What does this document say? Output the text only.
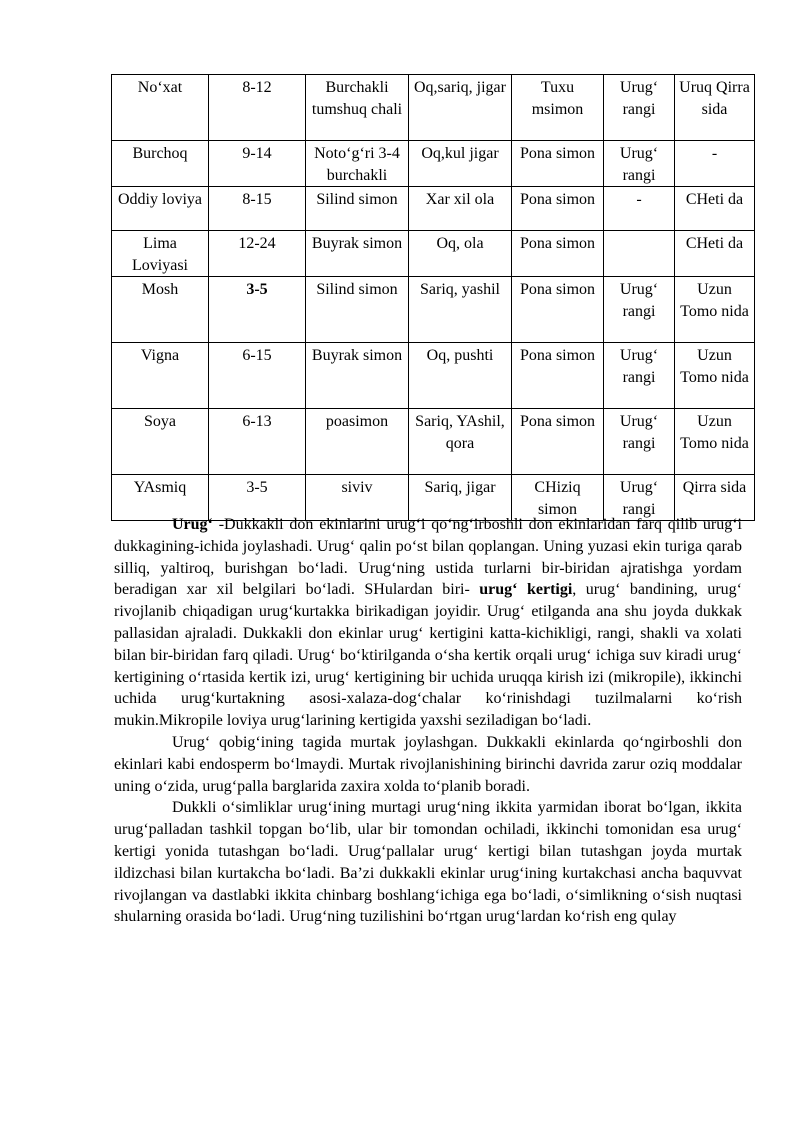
No‘xat	8-12	Burchakli tumshuq chali	Oq,sariq, jigar	Tuxu msimon	Urug‘ rangi	Uruq Qirra sida
Burchoq	9-14	Noto‘g‘ri 3-4 burchakli	Oq,kul jigar	Pona simon	Urug‘ rangi	-
Oddiy loviya	8-15	Silind simon	Xar xil ola	Pona simon	-	CHeti da
Lima Loviyasi	12-24	Buyrak simon	Oq, ola	Pona simon		CHeti da
Mosh	3-5	Silind simon	Sariq, yashil	Pona simon	Urug‘ rangi	Uzun Tomo nida
Vigna	6-15	Buyrak simon	Oq, pushti	Pona simon	Urug‘ rangi	Uzun Tomo nida
Soya	6-13	poasimon	Sariq, YAshil, qora	Pona simon	Urug‘ rangi	Uzun Tomo nida
YAsmiq	3-5	siviv	Sariq, jigar	CHiziq simon	Urug‘ rangi	Qirra sida

Urug‘ -Dukkakli don ekinlarini urug‘i qo‘ng‘irboshli don ekinlaridan farq qilib urug‘i dukkagining-ichida joylashadi. Urug‘ qalin po‘st bilan qoplangan. Uning yuzasi ekin turiga qarab silliq, yaltiroq, burishgan bo‘ladi. Urug‘ning ustida turlarni bir-biridan ajratishga yordam beradigan xar xil belgilari bo‘ladi. SHulardan biri- urug‘ kertigi, urug‘ bandining, urug‘ rivojlanib chiqadigan urug‘kurtakka birikadigan joyidir. Urug‘ etilganda ana shu joyda dukkak pallasidan ajraladi. Dukkakli don ekinlar urug‘ kertigini katta-kichikligi, rangi, shakli va xolati bilan bir-biridan farq qiladi. Urug‘ bo‘ktirilganda o‘sha kertik orqali urug‘ ichiga suv kiradi urug‘ kertigining o‘rtasida kertik izi, urug‘ kertigining bir uchida uruqqa kirish izi (mikropile), ikkinchi uchida urug‘kurtakning asosi-xalaza-dog‘chalar ko‘rinishdagi tuzilmalarni ko‘rish mukin.Mikropile loviya urug‘larining kertigida yaxshi seziladigan bo‘ladi.

Urug‘ qobig‘ining tagida murtak joylashgan. Dukkakli ekinlarda qo‘ngirboshli don ekinlari kabi endosperm bo‘lmaydi. Murtak rivojlanishining birinchi davrida zarur oziq moddalar uning o‘zida, urug‘palla barglarida zaxira xolda to‘planib boradi.

Dukkli o‘simliklar urug‘ining murtagi urug‘ning ikkita yarmidan iborat bo‘lgan, ikkita urug‘palladan tashkil topgan bo‘lib, ular bir tomondan ochiladi, ikkinchi tomonidan esa urug‘ kertigi yonida tutashgan bo‘ladi. Urug‘pallalar urug‘ kertigi bilan tutashgan joyda murtak ildizchasi bilan kurtakcha bo‘ladi. Ba’zi dukkakli ekinlar urug‘ining kurtakchasi ancha baquvvat rivojlangan va dastlabki ikkita chinbarg boshlang‘ichiga ega bo‘ladi, o‘simlikning o‘sish nuqtasi shularning orasida bo‘ladi. Urug‘ning tuzilishini bo‘rtgan urug‘lardan ko‘rish eng qulay
